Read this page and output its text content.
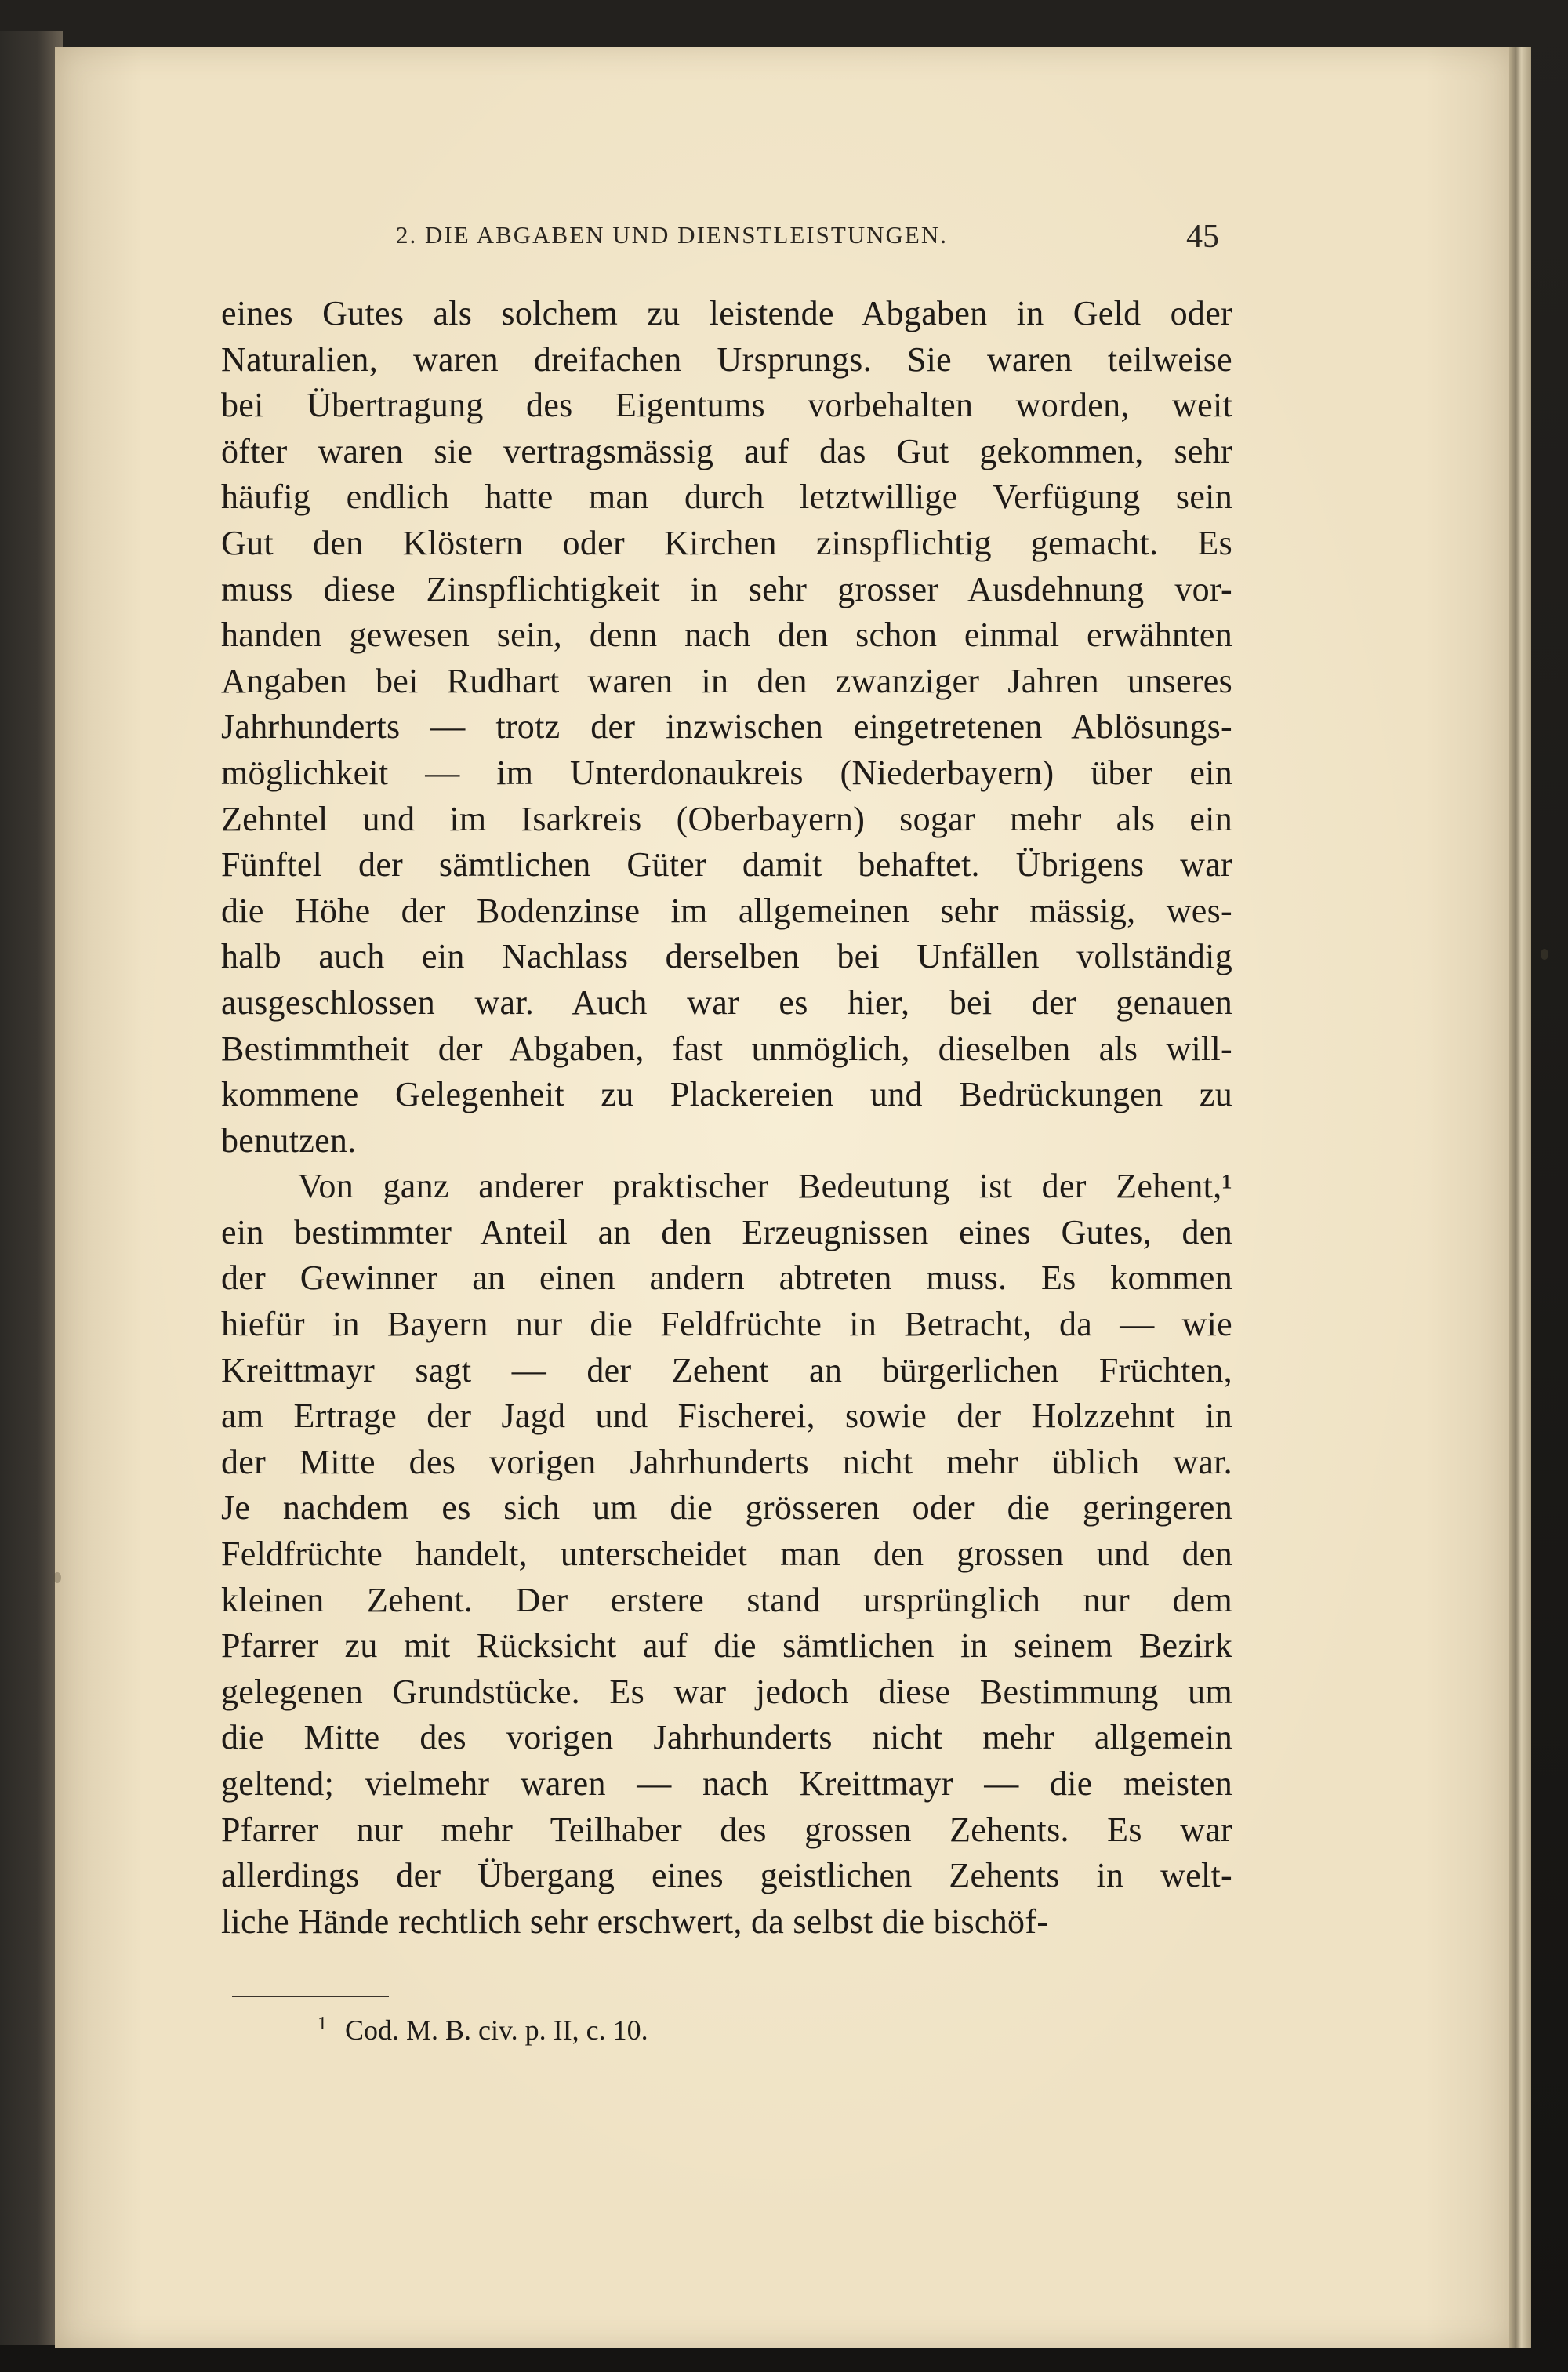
2. DIE ABGABEN UND DIENSTLEISTUNGEN.	45
eines Gutes als solchem zu leistende Abgaben in Geld oder
Naturalien, waren dreifachen Ursprungs. Sie waren teilweise
bei Übertragung des Eigentums vorbehalten worden, weit
öfter waren sie vertragsmässig auf das Gut gekommen, sehr
häufig endlich hatte man durch letztwillige Verfügung sein
Gut den Klöstern oder Kirchen zinspflichtig gemacht. Es
muss diese Zinspflichtigkeit in sehr grosser Ausdehnung vor-
handen gewesen sein, denn nach den schon einmal erwähnten
Angaben bei Rudhart waren in den zwanziger Jahren unseres
Jahrhunderts — trotz der inzwischen eingetretenen Ablösungs-
möglichkeit — im Unterdonaukreis (Niederbayern) über ein
Zehntel und im Isarkreis (Oberbayern) sogar mehr als ein
Fünftel der sämtlichen Güter damit behaftet. Übrigens war
die Höhe der Bodenzinse im allgemeinen sehr mässig, wes-
halb auch ein Nachlass derselben bei Unfällen vollständig
ausgeschlossen war. Auch war es hier, bei der genauen
Bestimmtheit der Abgaben, fast unmöglich, dieselben als will-
kommene Gelegenheit zu Plackereien und Bedrückungen zu
benutzen.
Von ganz anderer praktischer Bedeutung ist der Zehent,¹
ein bestimmter Anteil an den Erzeugnissen eines Gutes, den
der Gewinner an einen andern abtreten muss. Es kommen
hiefür in Bayern nur die Feldfrüchte in Betracht, da — wie
Kreittmayr sagt — der Zehent an bürgerlichen Früchten,
am Ertrage der Jagd und Fischerei, sowie der Holzzehnt in
der Mitte des vorigen Jahrhunderts nicht mehr üblich war.
Je nachdem es sich um die grösseren oder die geringeren
Feldfrüchte handelt, unterscheidet man den grossen und den
kleinen Zehent. Der erstere stand ursprünglich nur dem
Pfarrer zu mit Rücksicht auf die sämtlichen in seinem Bezirk
gelegenen Grundstücke. Es war jedoch diese Bestimmung um
die Mitte des vorigen Jahrhunderts nicht mehr allgemein
geltend; vielmehr waren — nach Kreittmayr — die meisten
Pfarrer nur mehr Teilhaber des grossen Zehents. Es war
allerdings der Übergang eines geistlichen Zehents in welt-
liche Hände rechtlich sehr erschwert, da selbst die bischöf-
$^1$ Cod. M. B. civ. p. II, c. 10.
